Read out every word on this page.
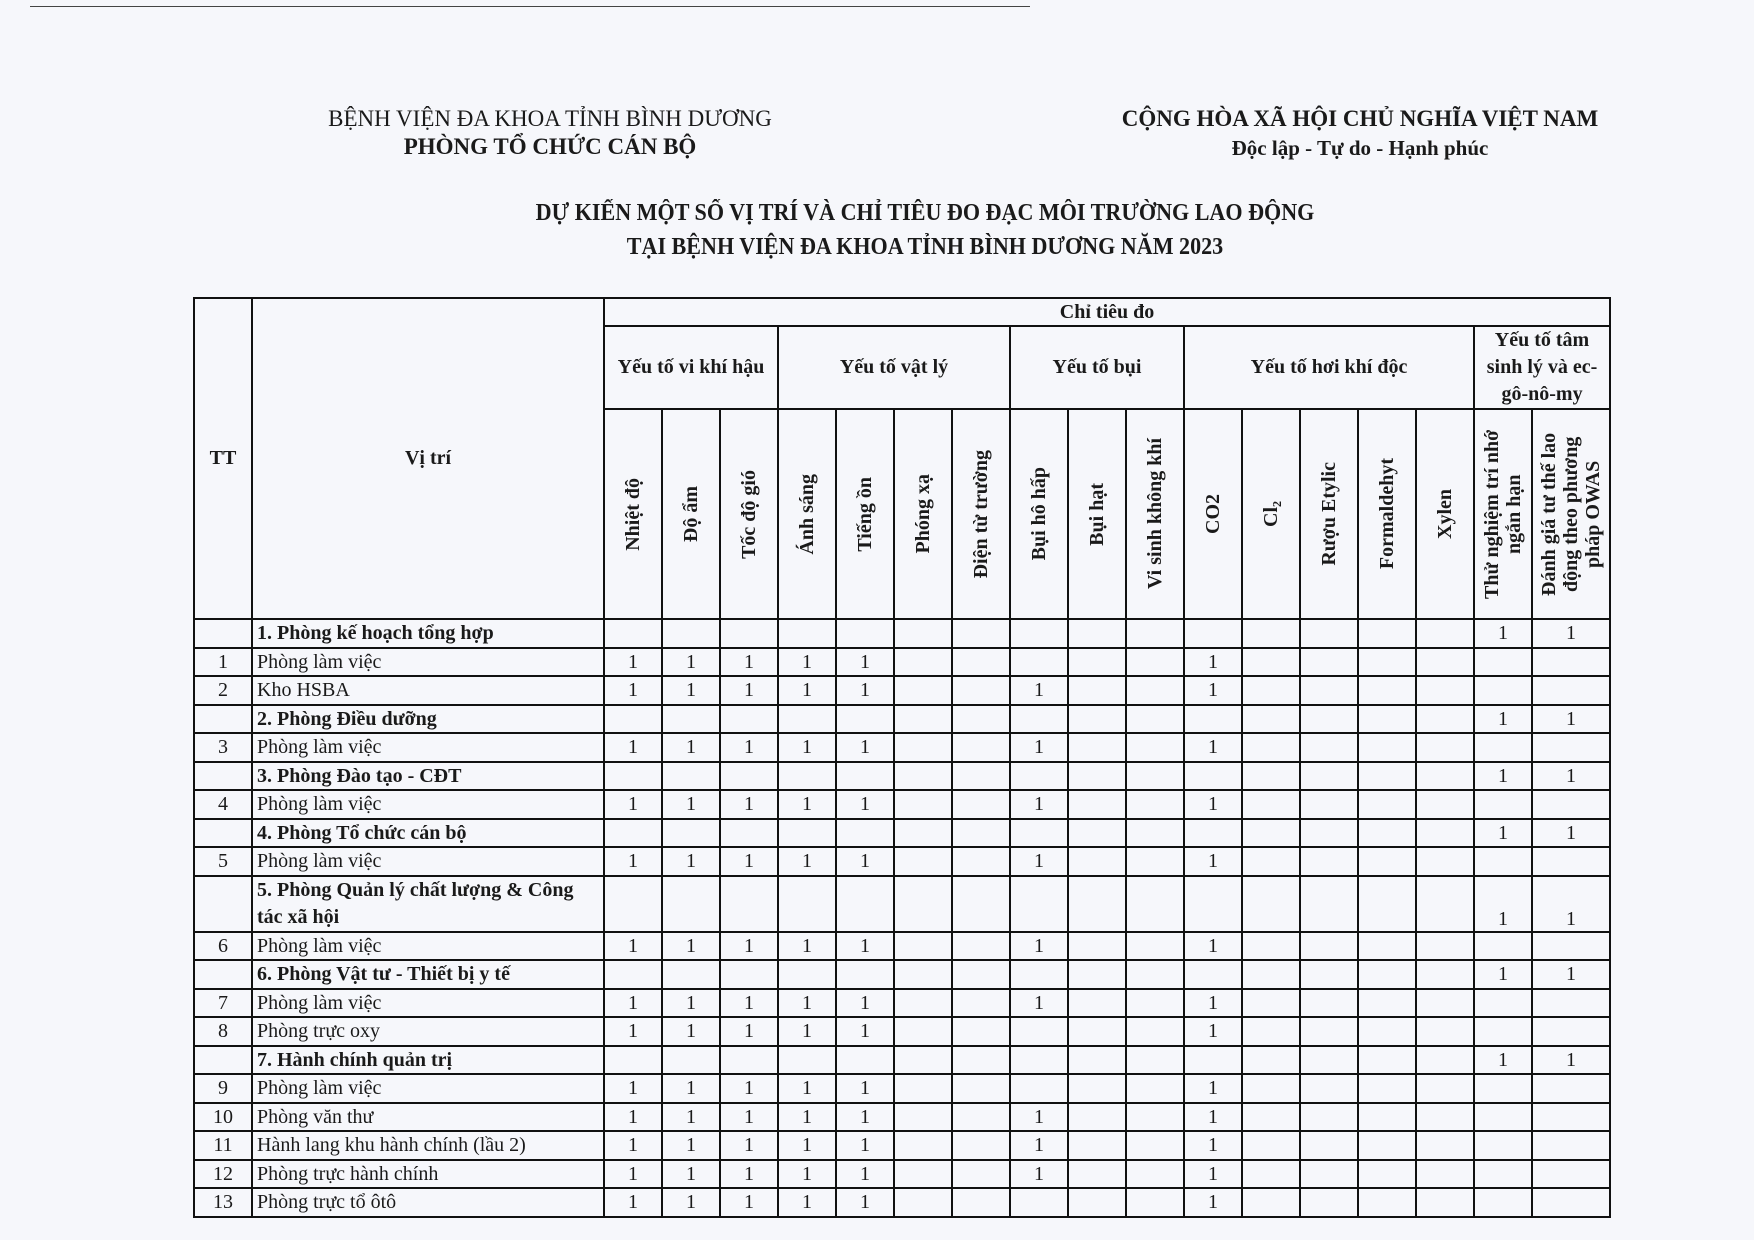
BỆNH VIỆN ĐA KHOA TỈNH BÌNH DƯƠNG
PHÒNG TỔ CHỨC CÁN BỘ
CỘNG HÒA XÃ HỘI CHỦ NGHĨA VIỆT NAM
Độc lập - Tự do - Hạnh phúc
DỰ KIẾN MỘT SỐ VỊ TRÍ VÀ CHỈ TIÊU ĐO ĐẠC MÔI TRƯỜNG LAO ĐỘNG
TẠI BỆNH VIỆN ĐA KHOA TỈNH BÌNH DƯƠNG NĂM 2023
TT	Vị trí	Chỉ tiêu đo																
		Yếu tố vi khí hậu			Yếu tố vật lý				Yếu tố bụi			Yếu tố hơi khí độc					Yếu tố tâm sinh lý và ec-gô-nô-my	

		Nhiệt độ	Độ ẩm	Tốc độ gió	Ánh sáng	Tiếng ồn	Phóng xạ	Điện từ trường	Bụi hô hấp	Bụi hạt	Vi sinh không khí	CO2	Cl₂	Rượu Etylic	Formaldehyt	Xylen	Thử nghiệm trí nhớ ngắn hạn	Đánh giá tư thế lao động theo phương pháp OWAS

	1. Phòng kế hoạch tổng hợp																1	1
1	Phòng làm việc	1	1	1	1	1						1						
2	Kho HSBA	1	1	1	1	1			1			1						
	2. Phòng Điều dưỡng																1	1
3	Phòng làm việc	1	1	1	1	1			1			1						
	3. Phòng Đào tạo - CĐT																1	1
4	Phòng làm việc	1	1	1	1	1			1			1						
	4. Phòng Tổ chức cán bộ																1	1
5	Phòng làm việc	1	1	1	1	1			1			1						
	5. Phòng Quản lý chất lượng & Công tác xã hội																1	1
6	Phòng làm việc	1	1	1	1	1			1			1						
	6. Phòng Vật tư - Thiết bị y tế																1	1
7	Phòng làm việc	1	1	1	1	1			1			1						
8	Phòng trực oxy	1	1	1	1	1						1						
	7. Hành chính quản trị																1	1
9	Phòng làm việc	1	1	1	1	1						1						
10	Phòng văn thư	1	1	1	1	1			1			1						
11	Hành lang khu hành chính (lầu 2)	1	1	1	1	1			1			1						
12	Phòng trực hành chính	1	1	1	1	1			1			1						
13	Phòng trực tổ ôtô	1	1	1	1	1						1						
